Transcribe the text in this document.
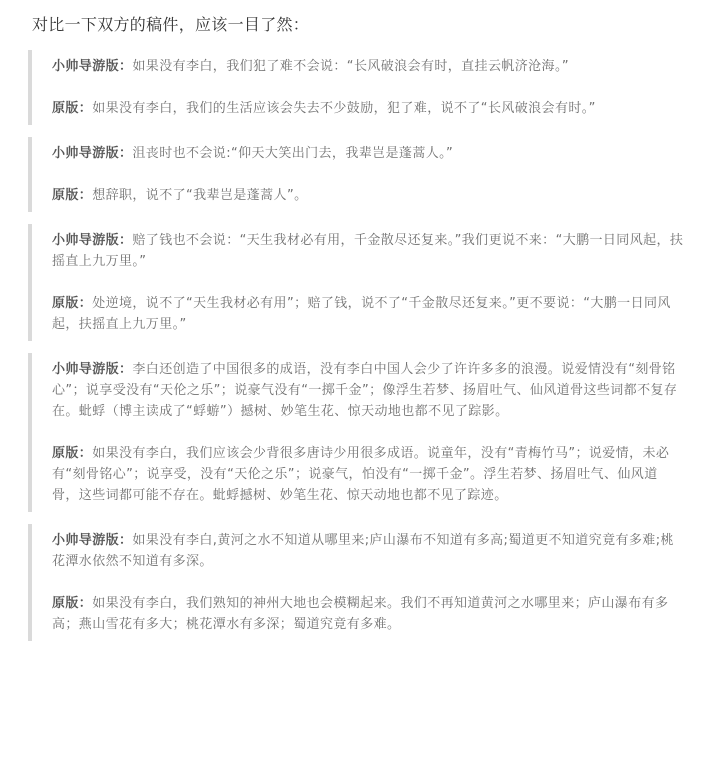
对比一下双方的稿件，应该一目了然：

小帅导游版：如果没有李白，我们犯了难不会说：“长风破浪会有时，直挂云帆济沧海。”

原版：如果没有李白，我们的生活应该会失去不少鼓励，犯了难，说不了“长风破浪会有时。”

小帅导游版：沮丧时也不会说:“仰天大笑出门去，我辈岂是蓬蒿人。”

原版：想辞职，说不了“我辈岂是蓬蒿人”。

小帅导游版：赔了钱也不会说：“天生我材必有用，千金散尽还复来。”我们更说不来：“大鹏一日同风起，扶摇直上九万里。”

原版：处逆境，说不了“天生我材必有用”；赔了钱，说不了“千金散尽还复来。”更不要说：“大鹏一日同风起，扶摇直上九万里。”

小帅导游版：李白还创造了中国很多的成语，没有李白中国人会少了许许多多的浪漫。说爱情没有“刻骨铭心”；说享受没有“天伦之乐”；说豪气没有“一掷千金”；像浮生若梦、扬眉吐气、仙风道骨这些词都不复存在。蚍蜉（博主读成了“蜉蝣”）撼树、妙笔生花、惊天动地也都不见了踪影。

原版：如果没有李白，我们应该会少背很多唐诗少用很多成语。说童年，没有“青梅竹马”；说爱情，未必有“刻骨铭心”；说享受，没有“天伦之乐”；说豪气，怕没有“一掷千金”。浮生若梦、扬眉吐气、仙风道骨，这些词都可能不存在。蚍蜉撼树、妙笔生花、惊天动地也都不见了踪迹。

小帅导游版：如果没有李白,黄河之水不知道从哪里来;庐山瀑布不知道有多高;蜀道更不知道究竟有多难;桃花潭水依然不知道有多深。

原版：如果没有李白，我们熟知的神州大地也会模糊起来。我们不再知道黄河之水哪里来；庐山瀑布有多高；燕山雪花有多大；桃花潭水有多深；蜀道究竟有多难。
